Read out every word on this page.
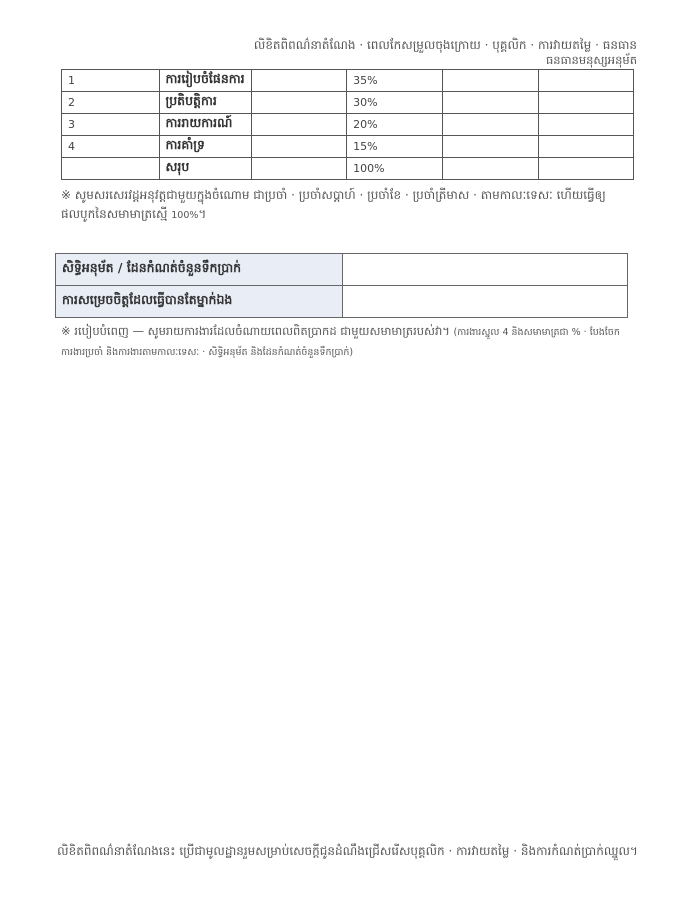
លិខិតពិពណ៌នាតំណែង · ពេលកែសម្រួលចុងក្រោយ · បុគ្គលិក · ការវាយតម្លៃ · ធនធាន
ធនធានមនុស្សអនុម័ត
1	ការរៀបចំផែនការ		35%		
2	ប្រតិបត្តិការ		30%		
3	ការរាយការណ៍		20%		
4	ការគាំទ្រ		15%		
	សរុប		100%		
※ សូមសរសេរវដ្តអនុវត្តជាមួយក្នុងចំណោម ជាប្រចាំ · ប្រចាំសប្តាហ៍ · ប្រចាំខែ · ប្រចាំត្រីមាស · តាមកាលៈទេសៈ ហើយធ្វើឲ្យផលបូកនៃសមាមាត្រស្មើ 100%។
សិទ្ធិអនុម័ត / ដែនកំណត់ចំនួនទឹកប្រាក់	
ការសម្រេចចិត្តដែលធ្វើបានតែម្នាក់ឯង	
※ របៀបបំពេញ — សូមរាយការងារដែលចំណាយពេលពិតប្រាកដ ជាមួយសមាមាត្ររបស់វា។ (ការងារស្នូល 4 និងសមាមាត្រជា % · បែងចែកការងារប្រចាំ និងការងារតាមកាលៈទេសៈ · សិទ្ធិអនុម័ត និងដែនកំណត់ចំនួនទឹកប្រាក់)
លិខិតពិពណ៌នាតំណែងនេះ ប្រើជាមូលដ្ឋានរួមសម្រាប់សេចក្តីជូនដំណឹងជ្រើសរើសបុគ្គលិក · ការវាយតម្លៃ · និងការកំណត់ប្រាក់ឈ្នួល។
